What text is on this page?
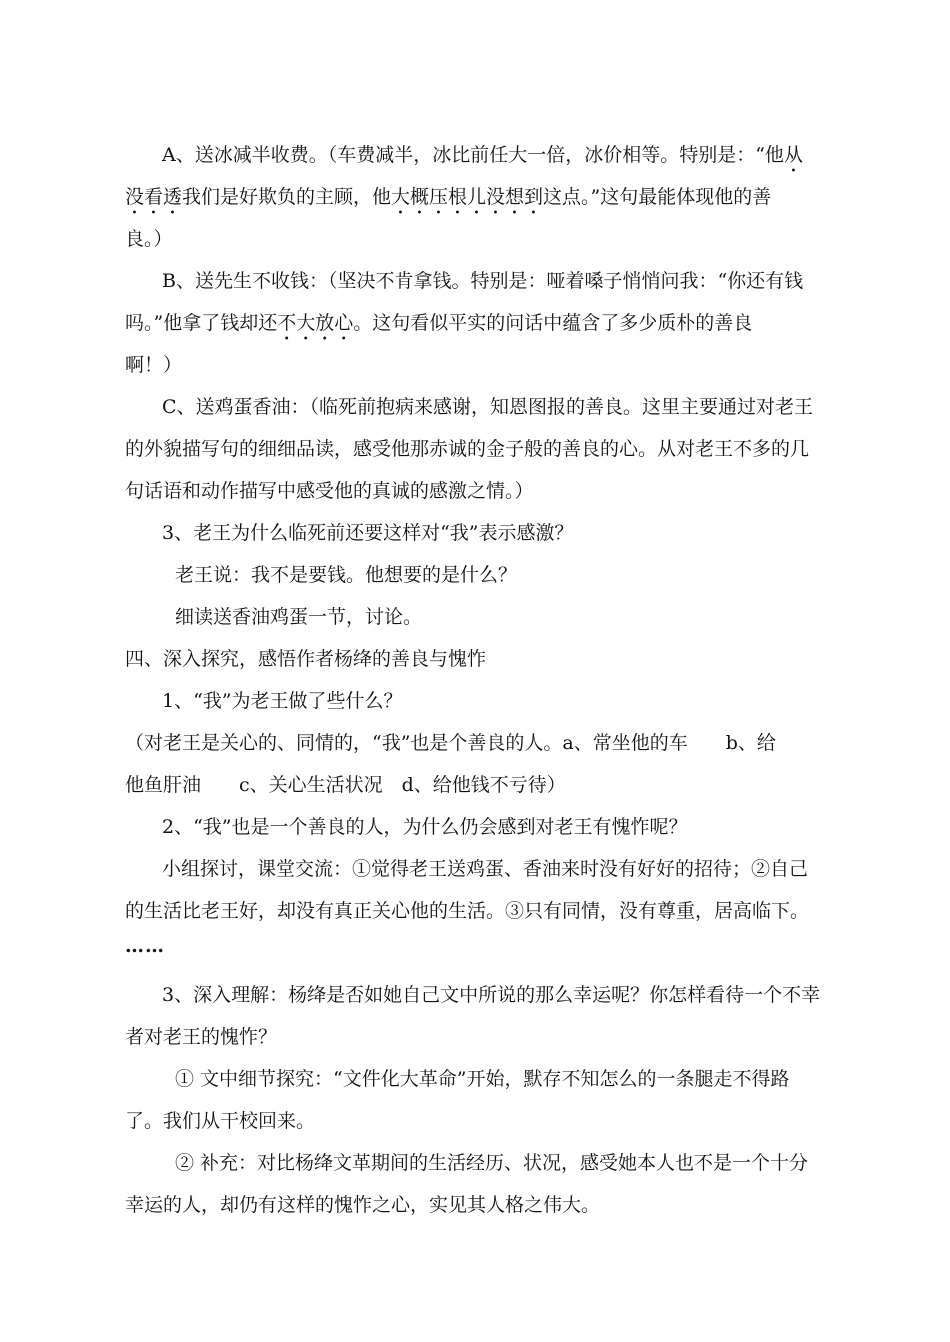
A、送冰减半收费。（车费减半，冰比前任大一倍，冰价相等。特别是：“他从
没看透我们是好欺负的主顾，他大概压根儿没想到这点。”这句最能体现他的善
良。）
B、送先生不收钱：（坚决不肯拿钱。特别是：哑着嗓子悄悄问我：“你还有钱
吗。”他拿了钱却还不大放心。这句看似平实的问话中蕴含了多少质朴的善良
啊！）
C、送鸡蛋香油：（临死前抱病来感谢，知恩图报的善良。这里主要通过对老王
的外貌描写句的细细品读，感受他那赤诚的金子般的善良的心。从对老王不多的几
句话语和动作描写中感受他的真诚的感激之情。）
3、老王为什么临死前还要这样对“我”表示感激？
老王说：我不是要钱。他想要的是什么？
细读送香油鸡蛋一节，讨论。
四、深入探究，感悟作者杨绛的善良与愧怍
1、“我”为老王做了些什么？
（对老王是关心的、同情的，“我”也是个善良的人。a、常坐他的车　　b、给
他鱼肝油　　c、关心生活状况　d、给他钱不亏待）
2、“我”也是一个善良的人，为什么仍会感到对老王有愧怍呢？
小组探讨，课堂交流：①觉得老王送鸡蛋、香油来时没有好好的招待；②自己
的生活比老王好，却没有真正关心他的生活。③只有同情，没有尊重，居高临下。
……
3、深入理解：杨绛是否如她自己文中所说的那么幸运呢？你怎样看待一个不幸
者对老王的愧怍？
① 文中细节探究：“文件化大革命”开始，默存不知怎么的一条腿走不得路
了。我们从干校回来。
② 补充：对比杨绛文革期间的生活经历、状况，感受她本人也不是一个十分
幸运的人，却仍有这样的愧怍之心，实见其人格之伟大。
